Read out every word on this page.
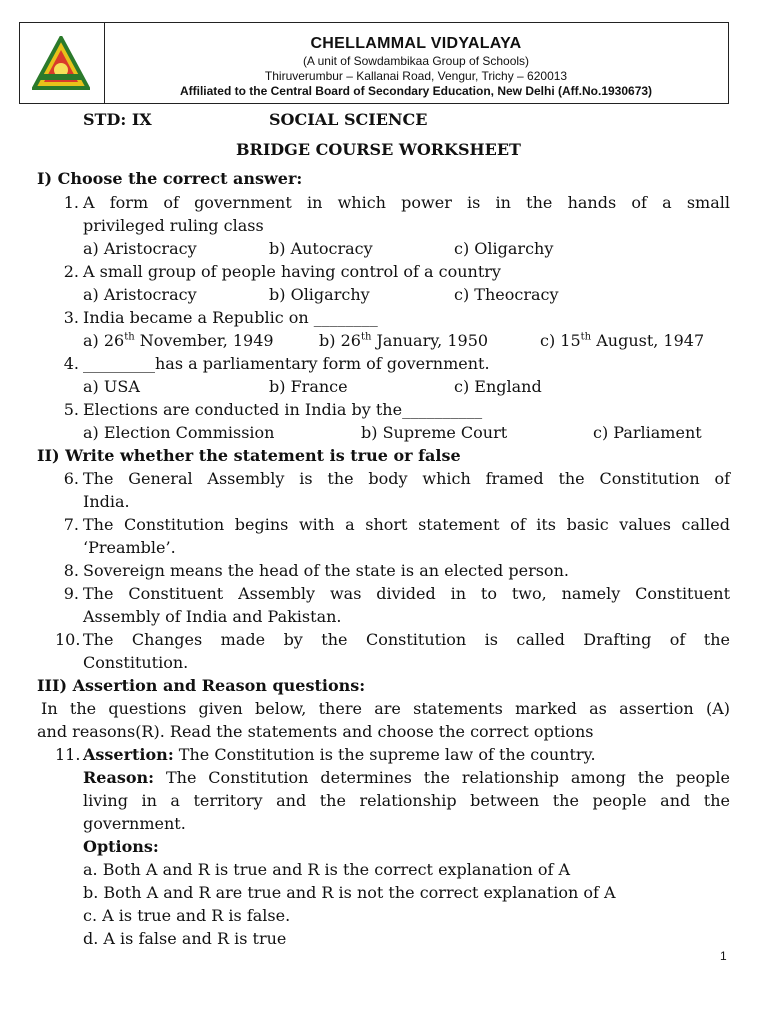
CHELLAMMAL VIDYALAYA
(A unit of Sowdambikaa Group of Schools)
Thiruverumbur – Kallanai Road, Vengur, Trichy – 620013
Affiliated to the Central Board of Secondary Education, New Delhi (Aff.No.1930673)
STD: IX	SOCIAL SCIENCE
BRIDGE COURSE WORKSHEET
I) Choose the correct answer:
1. A form of government in which power is in the hands of a small
privileged ruling class
a) Aristocracy	b) Autocracy	c) Oligarchy
2. A small group of people having control of a country
a) Aristocracy	b) Oligarchy	c) Theocracy
3. India became a Republic on ________
a) 26th November, 1949	b) 26th January, 1950	c) 15th August, 1947
4. _________has a parliamentary form of government.
a) USA	b) France	c) England
5. Elections are conducted in India by the__________
a) Election Commission	b) Supreme Court	c) Parliament
II) Write whether the statement is true or false
6. The General Assembly is the body which framed the Constitution of
India.
7. The Constitution begins with a short statement of its basic values called
‘Preamble’.
8. Sovereign means the head of the state is an elected person.
9. The Constituent Assembly was divided in to two, namely Constituent
Assembly of India and Pakistan.
10. The Changes made by the Constitution is called Drafting of the
Constitution.
III) Assertion and Reason questions:
In the questions given below, there are statements marked as assertion (A)
and reasons(R). Read the statements and choose the correct options
11. Assertion: The Constitution is the supreme law of the country.
Reason: The Constitution determines the relationship among the people
living in a territory and the relationship between the people and the
government.
Options:
a. Both A and R is true and R is the correct explanation of A
b. Both A and R are true and R is not the correct explanation of A
c. A is true and R is false.
d. A is false and R is true
1
